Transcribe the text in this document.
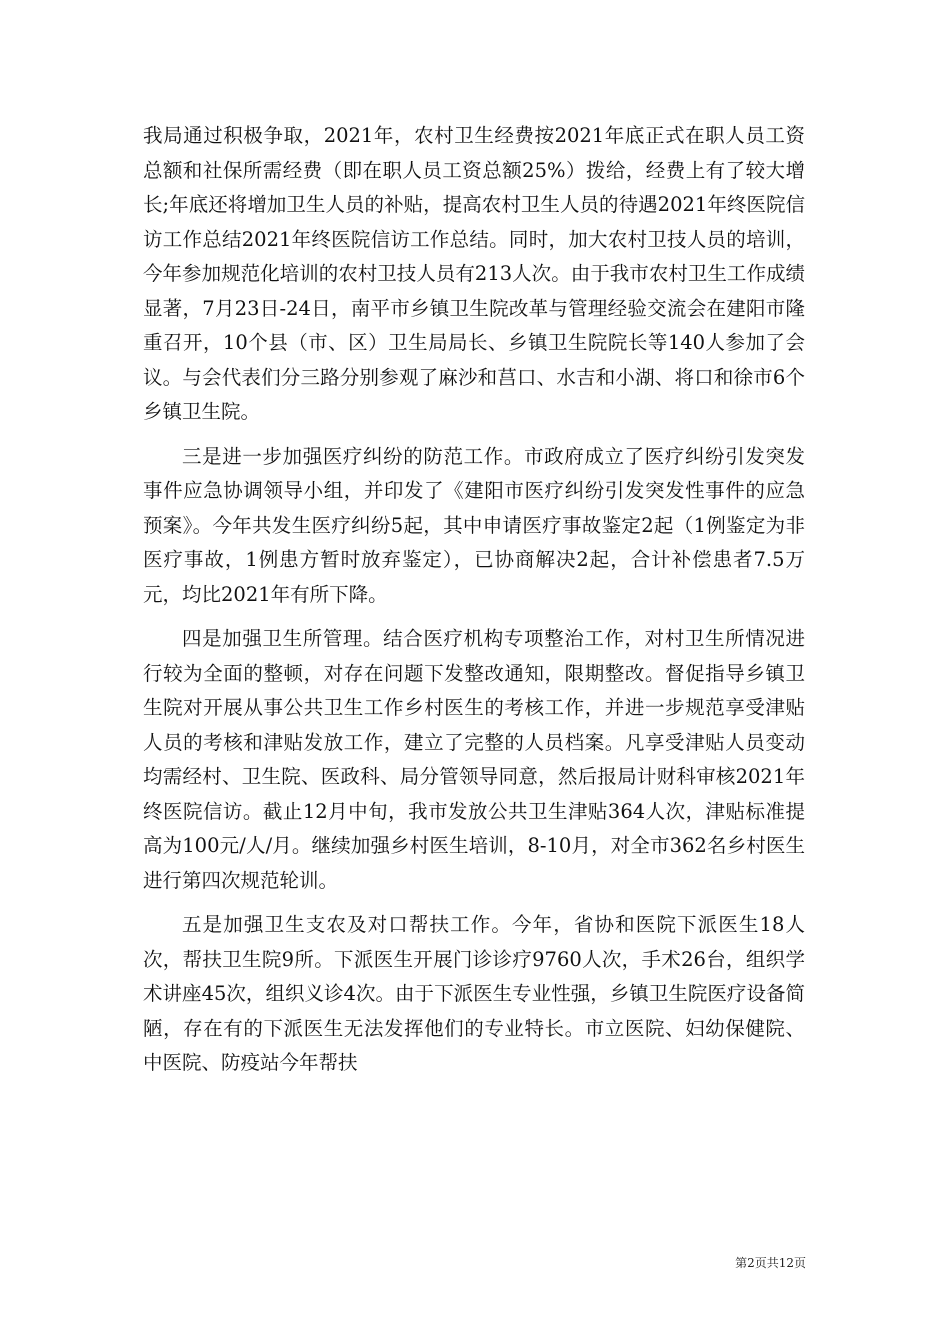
我局通过积极争取，2021年，农村卫生经费按2021年底正式在职人员工资总额和社保所需经费（即在职人员工资总额25%）拨给，经费上有了较大增长;年底还将增加卫生人员的补贴，提高农村卫生人员的待遇2021年终医院信访工作总结2021年终医院信访工作总结。同时，加大农村卫技人员的培训，今年参加规范化培训的农村卫技人员有213人次。由于我市农村卫生工作成绩显著，7月23日-24日，南平市乡镇卫生院改革与管理经验交流会在建阳市隆重召开，10个县（市、区）卫生局局长、乡镇卫生院院长等140人参加了会议。与会代表们分三路分别参观了麻沙和莒口、水吉和小湖、将口和徐市6个乡镇卫生院。

三是进一步加强医疗纠纷的防范工作。市政府成立了医疗纠纷引发突发事件应急协调领导小组，并印发了《建阳市医疗纠纷引发突发性事件的应急预案》。今年共发生医疗纠纷5起，其中申请医疗事故鉴定2起（1例鉴定为非医疗事故，1例患方暂时放弃鉴定），已协商解决2起，合计补偿患者7.5万元，均比2021年有所下降。

四是加强卫生所管理。结合医疗机构专项整治工作，对村卫生所情况进行较为全面的整顿，对存在问题下发整改通知，限期整改。督促指导乡镇卫生院对开展从事公共卫生工作乡村医生的考核工作，并进一步规范享受津贴人员的考核和津贴发放工作，建立了完整的人员档案。凡享受津贴人员变动均需经村、卫生院、医政科、局分管领导同意，然后报局计财科审核2021年终医院信访。截止12月中旬，我市发放公共卫生津贴364人次，津贴标准提高为100元/人/月。继续加强乡村医生培训，8-10月，对全市362名乡村医生进行第四次规范轮训。

五是加强卫生支农及对口帮扶工作。今年，省协和医院下派医生18人次，帮扶卫生院9所。下派医生开展门诊诊疗9760人次，手术26台，组织学术讲座45次，组织义诊4次。由于下派医生专业性强，乡镇卫生院医疗设备简陋，存在有的下派医生无法发挥他们的专业特长。市立医院、妇幼保健院、中医院、防疫站今年帮扶

第2页共12页
